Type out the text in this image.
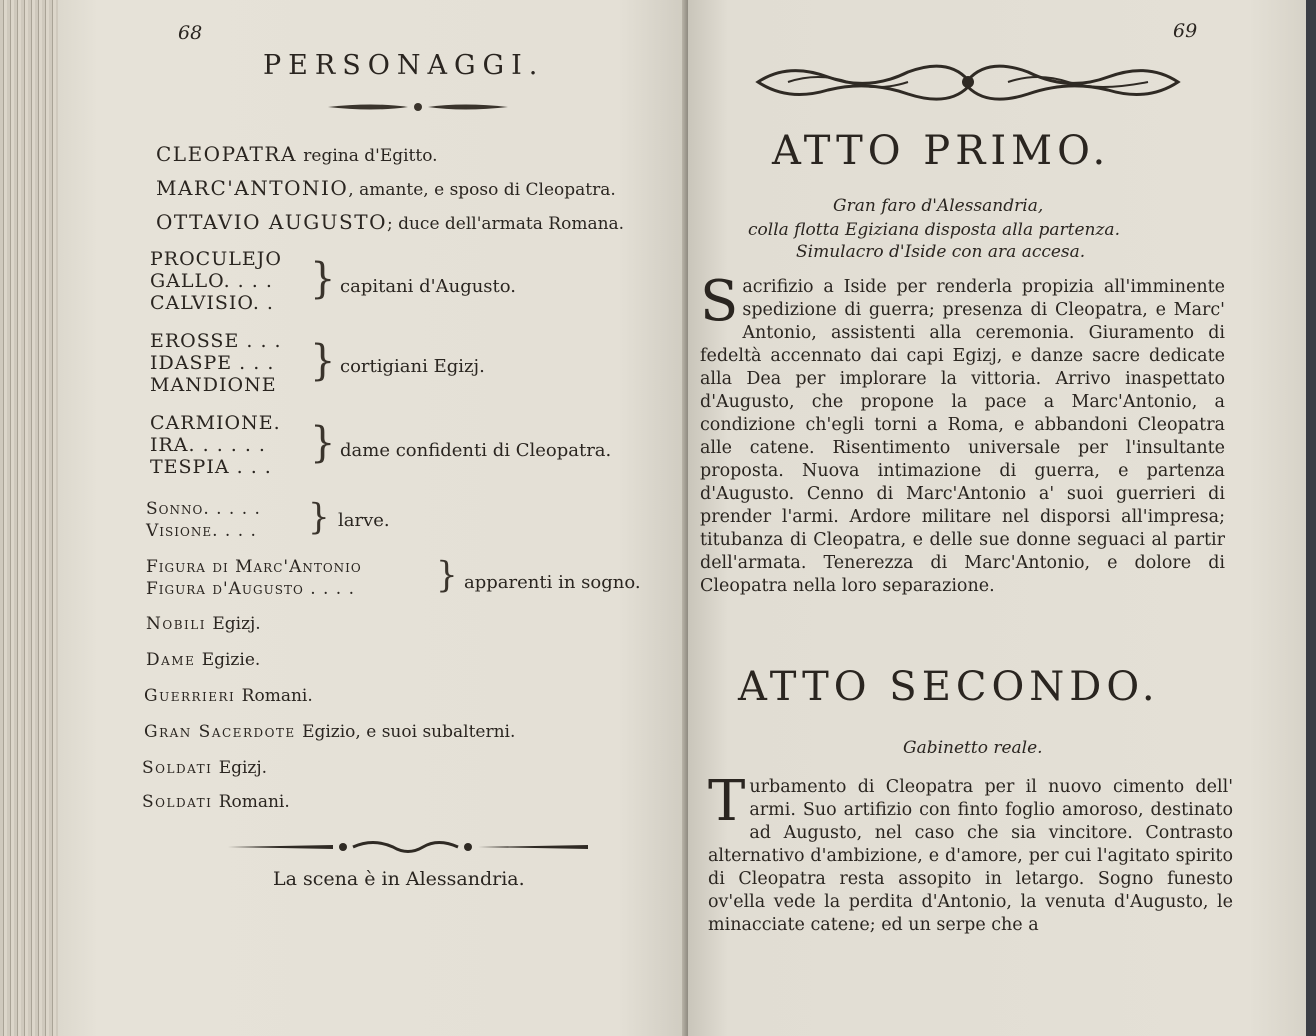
68
PERSONAGGI.
CLEOPATRA regina d'Egitto.
MARC'ANTONIO, amante, e sposo di Cleopatra.
OTTAVIO AUGUSTO; duce dell'armata Romana.
PROCULEJO
GALLO. . . .
CALVISIO. . } capitani d'Augusto.
EROSSE . . .
IDASPE . . .
MANDIONE } cortigiani Egizj.
CARMIONE.
IRA. . . . . .
TESPIA . . . } dame confidenti di Cleopatra.
Sonno. . . . .
Visione. . . . } larve.
Figura di Marc'Antonio
Figura d'Augusto . . . . } apparenti in sogno.
Nobili Egizj.
Dame Egizie.
Guerrieri Romani.
Gran Sacerdote Egizio, e suoi subalterni.
Soldati Egizj.
Soldati Romani.
La scena è in Alessandria.
69
ATTO PRIMO.
Gran faro d'Alessandria,
colla flotta Egiziana disposta alla partenza.
Simulacro d'Iside con ara accesa.
Sacrifizio a Iside per renderla propizia all'imminente spedizione di guerra; presenza di Cleopatra, e Marc' Antonio, assistenti alla ceremonia. Giuramento di fedeltà accennato dai capi Egizj, e danze sacre dedicate alla Dea per implorare la vittoria. Arrivo inaspettato d'Augusto, che propone la pace a Marc'Antonio, a condizione ch'egli torni a Roma, e abbandoni Cleopatra alle catene. Risentimento universale per l'insultante proposta. Nuova intimazione di guerra, e partenza d'Augusto. Cenno di Marc'Antonio a' suoi guerrieri di prender l'armi. Ardore militare nel disporsi all'impresa; titubanza di Cleopatra, e delle sue donne seguaci al partir dell'armata. Tenerezza di Marc'Antonio, e dolore di Cleopatra nella loro separazione.
ATTO SECONDO.
Gabinetto reale.
Turbamento di Cleopatra per il nuovo cimento dell' armi. Suo artifizio con finto foglio amoroso, destinato ad Augusto, nel caso che sia vincitore. Contrasto alternativo d'ambizione, e d'amore, per cui l'agitato spirito di Cleopatra resta assopito in letargo. Sogno funesto ov'ella vede la perdita d'Antonio, la venuta d'Augusto, le minacciate catene; ed un serpe che a
